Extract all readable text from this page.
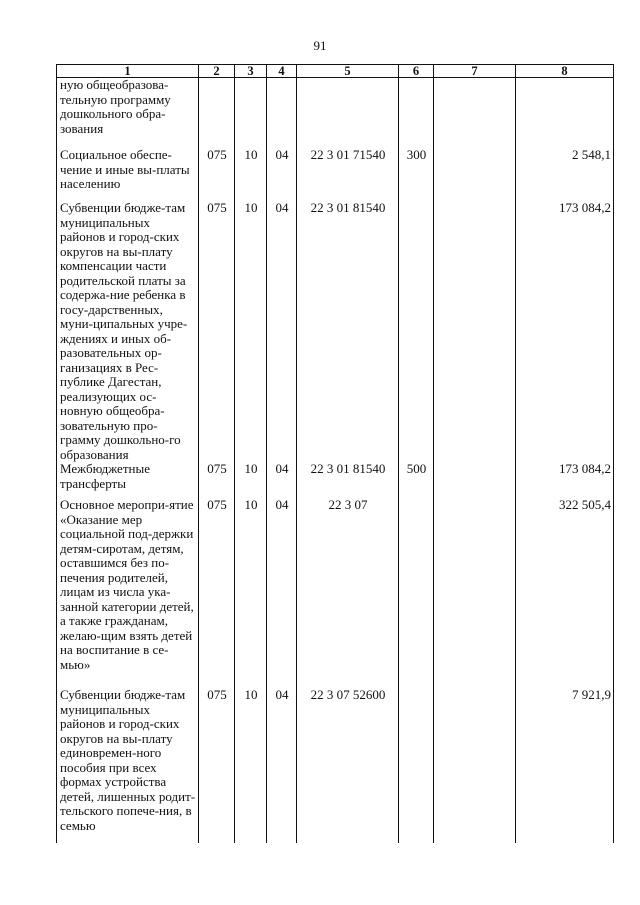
91
1	2	3	4	5	6	7	8
ную общеобразова-тельную программу дошкольного обра-зования							
Социальное обеспе-чение и иные вы-платы населению	075	10	04	22 3 01 71540	300		2 548,1
Субвенции бюдже-там муниципальных районов и город-ских округов на вы-плату компенсации части родительской платы за содержа-ние ребенка в госу-дарственных, муни-ципальных учре-ждениях и иных об-разовательных ор-ганизациях в Рес-публике Дагестан, реализующих ос-новную общеобра-зовательную про-грамму дошкольно-го образования	075	10	04	22 3 01 81540			173 084,2
Межбюджетные трансферты	075	10	04	22 3 01 81540	500		173 084,2
Основное меропри-ятие «Оказание мер социальной под-держки детям-сиротам, детям, оставшимся без по-печения родителей, лицам из числа ука-занной категории детей, а также гражданам, желаю-щим взять детей на воспитание в се-мью»	075	10	04	22 3 07			322 505,4
Субвенции бюдже-там муниципальных районов и город-ских округов на вы-плату единовремен-ного пособия при всех формах устройства детей, лишенных родит-тельского попече-ния, в семью	075	10	04	22 3 07 52600			7 921,9
